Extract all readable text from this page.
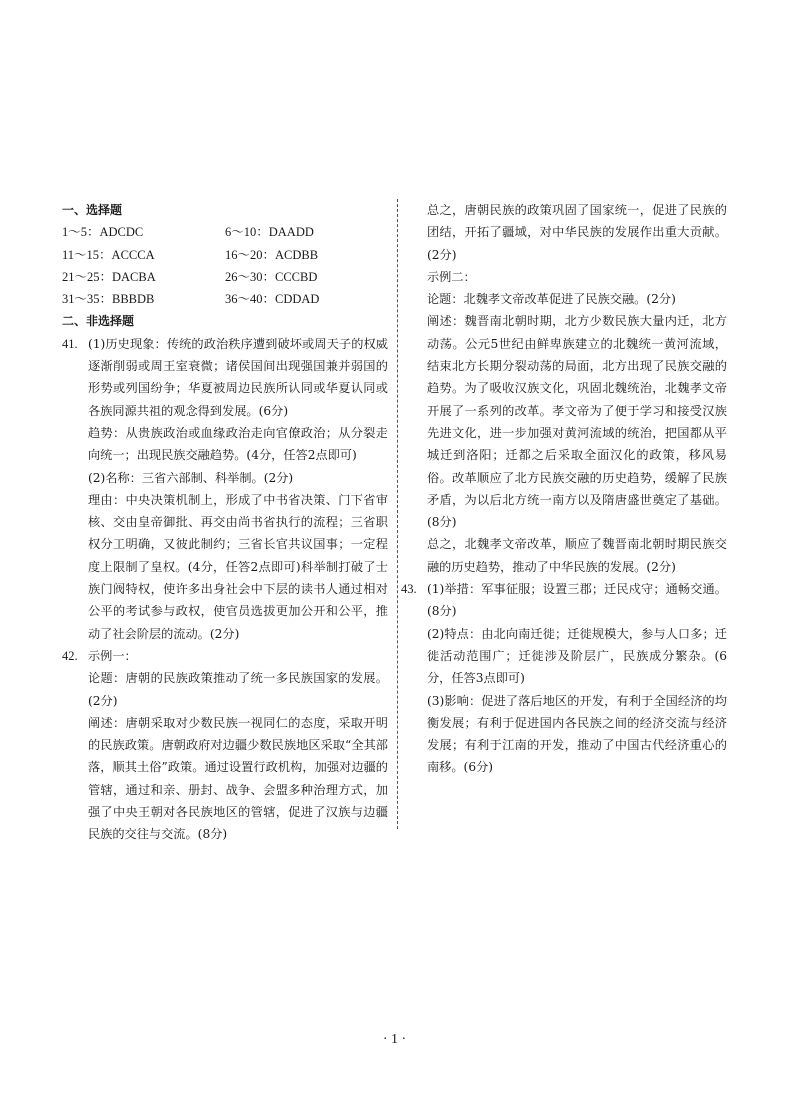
一、选择题
1～5：ADCDC	6～10：DAADD
11～15：ACCCA	16～20：ACDBB
21～25：DACBA	26～30：CCCBD
31～35：BBBDB	36～40：CDDAD
二、非选择题
41. (1)历史现象：传统的政治秩序遭到破坏或周天子的权威逐渐削弱或周王室衰微；诸侯国间出现强国兼并弱国的形势或列国纷争；华夏被周边民族所认同或华夏认同或各族同源共祖的观念得到发展。(6分)
趋势：从贵族政治或血缘政治走向官僚政治；从分裂走向统一；出现民族交融趋势。(4分，任答2点即可)
(2)名称：三省六部制、科举制。(2分)
理由：中央决策机制上，形成了中书省决策、门下省审核、交由皇帝御批、再交由尚书省执行的流程；三省职权分工明确，又彼此制约；三省长官共议国事；一定程度上限制了皇权。(4分，任答2点即可)科举制打破了士族门阀特权，使许多出身社会中下层的读书人通过相对公平的考试参与政权，使官员选拔更加公开和公平，推动了社会阶层的流动。(2分)
42. 示例一：
论题：唐朝的民族政策推动了统一多民族国家的发展。(2分)
阐述：唐朝采取对少数民族一视同仁的态度，采取开明的民族政策。唐朝政府对边疆少数民族地区采取“全其部落，顺其土俗”政策。通过设置行政机构，加强对边疆的管辖，通过和亲、册封、战争、会盟多种治理方式，加强了中央王朝对各民族地区的管辖，促进了汉族与边疆民族的交往与交流。(8分)
总之，唐朝民族的政策巩固了国家统一，促进了民族的团结，开拓了疆域，对中华民族的发展作出重大贡献。(2分)
示例二：
论题：北魏孝文帝改革促进了民族交融。(2分)
阐述：魏晋南北朝时期，北方少数民族大量内迁，北方动荡。公元5世纪由鲜卑族建立的北魏统一黄河流域，结束北方长期分裂动荡的局面，北方出现了民族交融的趋势。为了吸收汉族文化，巩固北魏统治，北魏孝文帝开展了一系列的改革。孝文帝为了便于学习和接受汉族先进文化，进一步加强对黄河流域的统治，把国都从平城迁到洛阳；迁都之后采取全面汉化的政策，移风易俗。改革顺应了北方民族交融的历史趋势，缓解了民族矛盾，为以后北方统一南方以及隋唐盛世奠定了基础。(8分)
总之，北魏孝文帝改革，顺应了魏晋南北朝时期民族交融的历史趋势，推动了中华民族的发展。(2分)
43. (1)举措：军事征服；设置三郡；迁民戍守；通畅交通。(8分)
(2)特点：由北向南迁徙；迁徙规模大，参与人口多；迁徙活动范围广；迁徙涉及阶层广，民族成分繁杂。(6分，任答3点即可)
(3)影响：促进了落后地区的开发，有利于全国经济的均衡发展；有利于促进国内各民族之间的经济交流与经济发展；有利于江南的开发，推动了中国古代经济重心的南移。(6分)
· 1 ·
